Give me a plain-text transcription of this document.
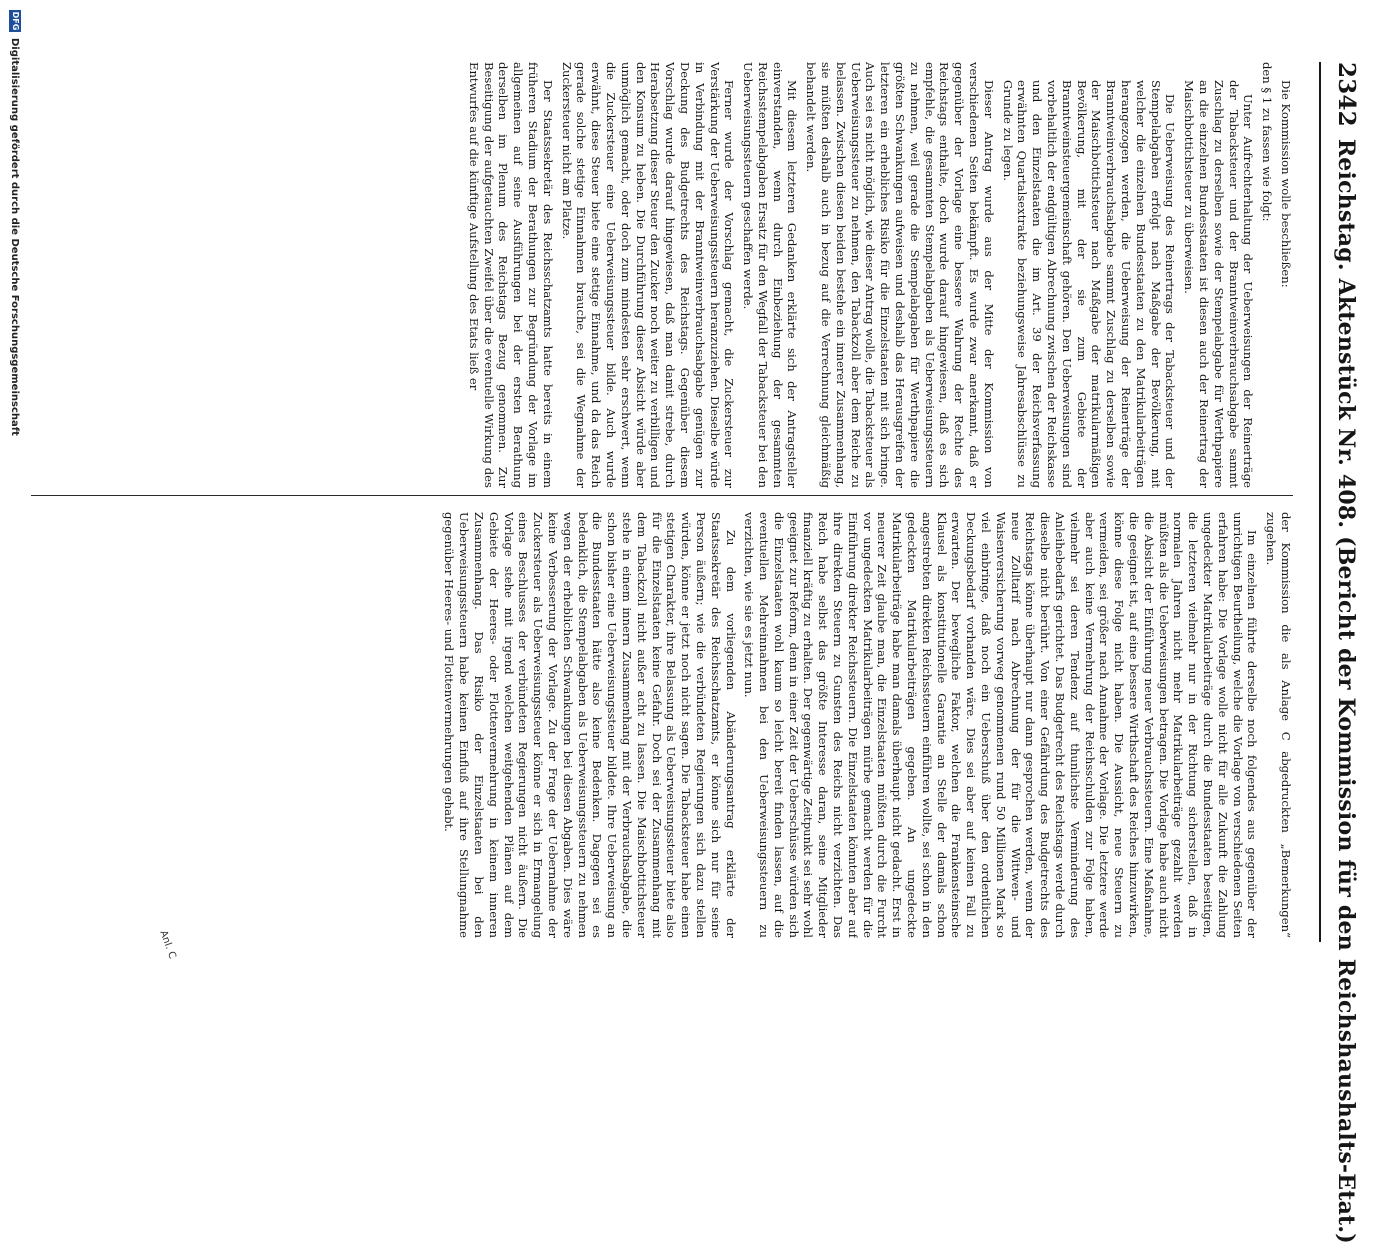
2342Reichstag. Aktenstück Nr. 408. (Bericht der Kommission für den Reichshaushalts-Etat.)

Die Kommission wolle beschließen:

den § 1 zu fassen wie folgt:

Unter Aufrechterhaltung der Ueberweisungen der Reinerträge der Tabacksteuer und der Branntweinverbrauchsabgabe sammt Zuschlag zu derselben sowie der Stempelabgabe für Werthpapiere an die einzelnen Bundesstaaten ist diesen auch der Reinertrag der Maischbottichsteuer zu überweisen.

Die Ueberweisung des Reinertrags der Tabacksteuer und der Stempelabgaben erfolgt nach Maßgabe der Bevölkerung, mit welcher die einzelnen Bundesstaaten zu den Matrikularbeiträgen herangezogen werden, die Ueberweisung der Reinerträge der Branntweinverbrauchsabgabe sammt Zuschlag zu derselben sowie der Maischbottichsteuer nach Maßgabe der matrikularmäßigen Bevölkerung, mit der sie zum Gebiete der Branntweinsteuergemeinschaft gehören. Den Ueberweisungen sind vorbehaltlich der endgültigen Abrechnung zwischen der Reichskasse und den Einzelstaaten die im Art. 39 der Reichsverfassung erwähnten Quartalsextrakte beziehungsweise Jahresabschlüsse zu Grunde zu legen.

Dieser Antrag wurde aus der Mitte der Kommission von verschiedenen Seiten bekämpft. Es wurde zwar anerkannt, daß er gegenüber der Vorlage eine bessere Wahrung der Rechte des Reichstags enthalte, doch wurde darauf hingewiesen, daß es sich empfehle, die gesammten Stempelabgaben als Ueberweisungssteuern zu nehmen, weil gerade die Stempelabgaben für Werthpapiere die größten Schwankungen aufweisen und deshalb das Herausgreifen der letzteren ein erhebliches Risiko für die Einzelstaaten mit sich bringe. Auch sei es nicht möglich, wie dieser Antrag wolle, die Tabacksteuer als Ueberweisungssteuer zu nehmen, den Tabackzoll aber dem Reiche zu belassen. Zwischen diesen beiden bestehe ein innerer Zusammenhang, sie müßten deshalb auch in bezug auf die Verrechnung gleichmäßig behandelt werden.

Mit diesem letzteren Gedanken erklärte sich der Antragsteller einverstanden, wenn durch Einbeziehung der gesammten Reichsstempelabgaben Ersatz für den Wegfall der Tabacksteuer bei den Ueberweisungssteuern geschaffen werde.

Ferner wurde der Vorschlag gemacht, die Zuckersteuer zur Verstärkung der Ueberweisungssteuern heranzuziehen. Dieselbe würde in Verbindung mit der Branntweinverbrauchsabgabe genügen zur Deckung des Budgetrechts des Reichstags. Gegenüber diesem Vorschlag wurde darauf hingewiesen, daß man damit strebe, durch Herabsetzung dieser Steuer den Zucker noch weiter zu verbilligen und den Konsum zu heben. Die Durchführung dieser Absicht würde aber unmöglich gemacht, oder doch zum mindesten sehr erschwert, wenn die Zuckersteuer eine Ueberweisungssteuer bilde. Auch wurde erwähnt, diese Steuer biete eine stetige Einnahme, und da das Reich gerade solche stetige Einnahmen brauche, sei die Wegnahme der Zuckersteuer nicht am Platze.

Der Staatssekretär des Reichsschatzamts hatte bereits in einem früheren Stadium der Berathungen zur Begründung der Vorlage im allgemeinen auf seine Ausführungen bei der ersten Berathung derselben im Plenum des Reichstags Bezug genommen. Zur Beseitigung der aufgetauchten Zweifel über die eventuelle Wirkung des Entwurfes auf die künftige Aufstellung des Etats ließ er

der Kommission die als Anlage C abgedruckten „Bemerkungen“ zugehen.

Im einzelnen führte derselbe noch folgendes aus gegenüber der unrichtigen Beurtheilung, welche die Vorlage von verschiedenen Seiten erfahren habe: Die Vorlage wolle nicht für alle Zukunft die Zahlung ungedeckter Matrikularbeiträge durch die Bundesstaaten beseitigen, die letzteren vielmehr nur in der Richtung sicherstellen, daß in normalen Jahren nicht mehr Matrikularbeiträge gezahlt werden müßten als die Ueberweisungen betragen. Die Vorlage habe auch nicht die Absicht der Einführung neuer Verbrauchssteuern. Eine Maßnahme, die geeignet ist, auf eine bessere Wirthschaft des Reiches hinzuwirken, könne diese Folge nicht haben. Die Aussicht, neue Steuern zu vermeiden, sei größer nach Annahme der Vorlage. Die letztere werde aber auch keine Vermehrung der Reichsschulden zur Folge haben, vielmehr sei deren Tendenz auf thunlichste Verminderung des Anleihebedarfs gerichtet. Das Budgetrecht des Reichstags werde durch dieselbe nicht berührt. Von einer Gefährdung des Budgetrechts des Reichstags könne überhaupt nur dann gesprochen werden, wenn der neue Zolltarif nach Abrechnung der für die Wittwen- und Waisenversicherung vorweg genommenen rund 50 Millionen Mark so viel einbringe, daß noch ein Ueberschuß über den ordentlichen Deckungsbedarf vorhanden wäre. Dies sei aber auf keinen Fall zu erwarten. Der bewegliche Faktor, welchen die Frankensteinsche Klausel als konstitutionelle Garantie an Stelle der damals schon angestrebten direkten Reichssteuern einführen wollte, sei schon in den gedeckten Matrikularbeiträgen gegeben. An ungedeckte Matrikularbeiträge habe man damals überhaupt nicht gedacht. Erst in neuerer Zeit glaube man, die Einzelstaaten müßten durch die Furcht vor ungedeckten Matrikularbeiträgen mürbe gemacht werden für die Einführung direkter Reichssteuern. Die Einzelstaaten könnten aber auf ihre direkten Steuern zu Gunsten des Reichs nicht verzichten. Das Reich habe selbst das größte Interesse daran, seine Mitglieder finanziell kräftig zu erhalten. Der gegenwärtige Zeitpunkt sei sehr wohl geeignet zur Reform, denn in einer Zeit der Ueberschüsse würden sich die Einzelstaaten wohl kaum so leicht bereit finden lassen, auf die eventuellen Mehreinnahmen bei den Ueberweisungssteuern zu verzichten, wie sie es jetzt nun.

Zu dem vorliegenden Abänderungsantrag erklärte der Staatssekretär des Reichsschatzamts, er könne sich nur für seine Person äußern; wie die verbündeten Regierungen sich dazu stellen würden, könne er jetzt noch nicht sagen. Die Tabacksteuer habe einen stetigen Charakter, ihre Belassung als Ueberweisungssteuer biete also für die Einzelstaaten keine Gefahr. Doch sei der Zusammenhang mit dem Tabackzoll nicht außer acht zu lassen. Die Maischbottichsteuer stehe in einem innern Zusammenhang mit der Verbrauchsabgabe, die schon bisher eine Ueberweisungssteuer bildete. Ihre Ueberweisung an die Bundesstaaten hätte also keine Bedenken. Dagegen sei es bedenklich, die Stempelabgaben als Ueberweisungssteuern zu nehmen wegen der erheblichen Schwankungen bei diesen Abgaben. Dies wäre keine Verbesserung der Vorlage. Zu der Frage der Uebernahme der Zuckersteuer als Ueberweisungssteuer könne er sich in Ermangelung eines Beschlusses der verbündeten Regierungen nicht äußern. Die Vorlage stehe mit irgend welchen weitgehenden Plänen auf dem Gebiete der Heeres- oder Flottenvermehrung in keinem inneren Zusammenhang. Das Risiko der Einzelstaaten bei den Ueberweisungssteuern habe keinen Einfluß auf ihre Stellungnahme gegenüber Heeres- und Flottenvermehrungen gehabt.

Anl. C
DFGDigitalisierung gefördert durch die Deutsche Forschungsgemeinschaft
